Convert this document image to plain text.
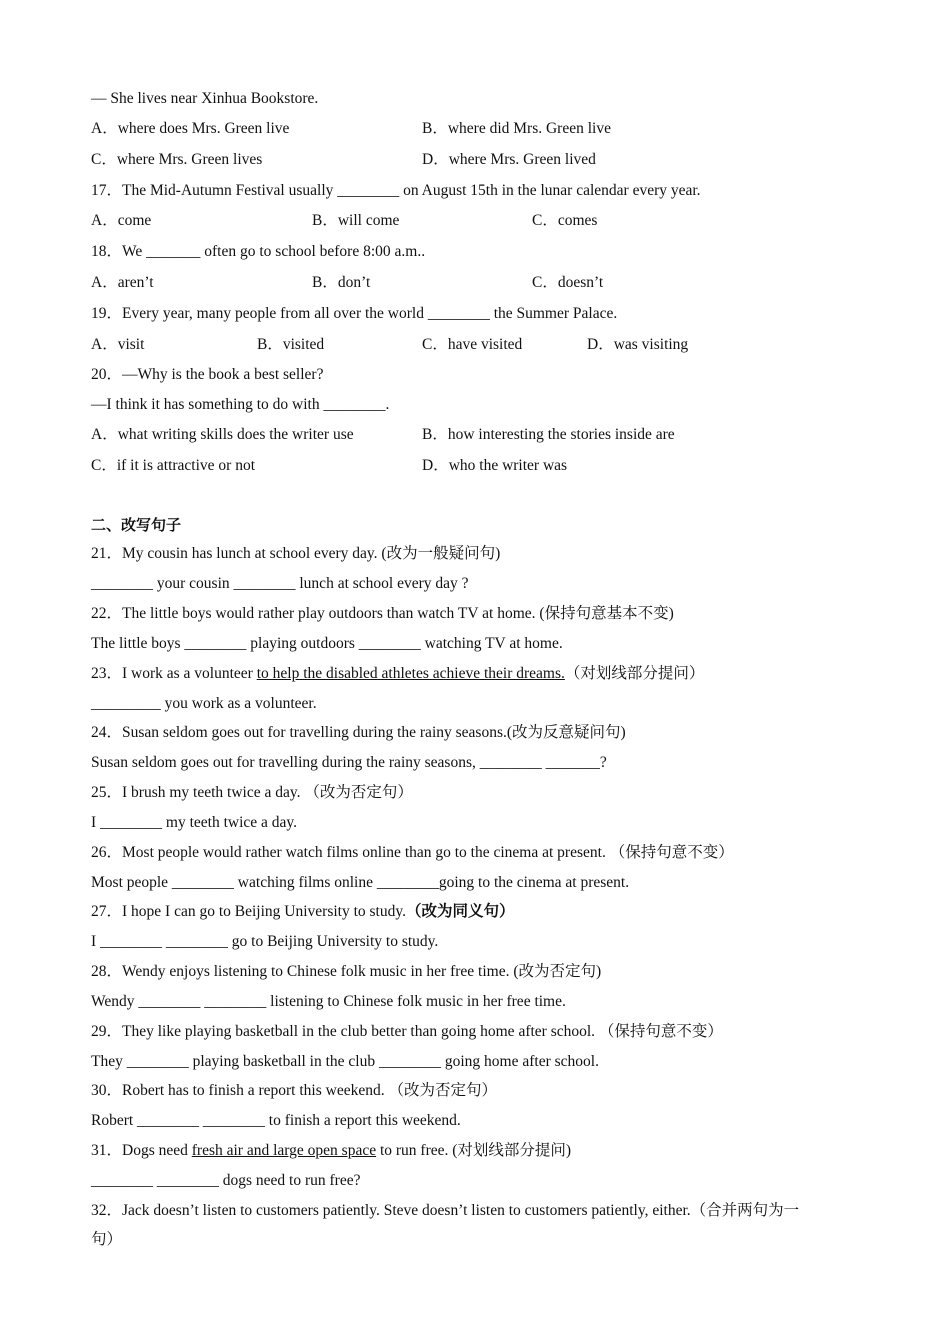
— She lives near Xinhua Bookstore.
A．where does Mrs. Green live	B．where did Mrs. Green live
C．where Mrs. Green lives	D．where Mrs. Green lived
17．The Mid-Autumn Festival usually ________ on August 15th in the lunar calendar every year.
A．come	B．will come	C．comes
18．We _______ often go to school before 8:00 a.m..
A．aren’t	B．don’t	C．doesn’t
19．Every year, many people from all over the world ________ the Summer Palace.
A．visit	B．visited	C．have visited	D．was visiting
20．—Why is the book a best seller?
—I think it has something to do with ________.
A．what writing skills does the writer use	B．how interesting the stories inside are
C．if it is attractive or not	D．who the writer was
二、改写句子
21．My cousin has lunch at school every day. (改为一般疑问句)
________ your cousin ________ lunch at school every day ?
22．The little boys would rather play outdoors than watch TV at home. (保持句意基本不变)
The little boys ________ playing outdoors ________ watching TV at home.
23．I work as a volunteer to help the disabled athletes achieve their dreams.（对划线部分提问）
_________ you work as a volunteer.
24．Susan seldom goes out for travelling during the rainy seasons.(改为反意疑问句)
Susan seldom goes out for travelling during the rainy seasons, ________ _______?
25．I brush my teeth twice a day. （改为否定句）
I ________ my teeth twice a day.
26．Most people would rather watch films online than go to the cinema at present. （保持句意不变）
Most people ________ watching films online ________going to the cinema at present.
27．I hope I can go to Beijing University to study.（改为同义句）
I ________ ________ go to Beijing University to study.
28．Wendy enjoys listening to Chinese folk music in her free time. (改为否定句)
Wendy ________ ________ listening to Chinese folk music in her free time.
29．They like playing basketball in the club better than going home after school. （保持句意不变）
They ________ playing basketball in the club ________ going home after school.
30．Robert has to finish a report this weekend. （改为否定句）
Robert ________ ________ to finish a report this weekend.
31．Dogs need fresh air and large open space to run free. (对划线部分提问)
________ ________ dogs need to run free?
32．Jack doesn’t listen to customers patiently. Steve doesn’t listen to customers patiently, either.（合并两句为一
句）
